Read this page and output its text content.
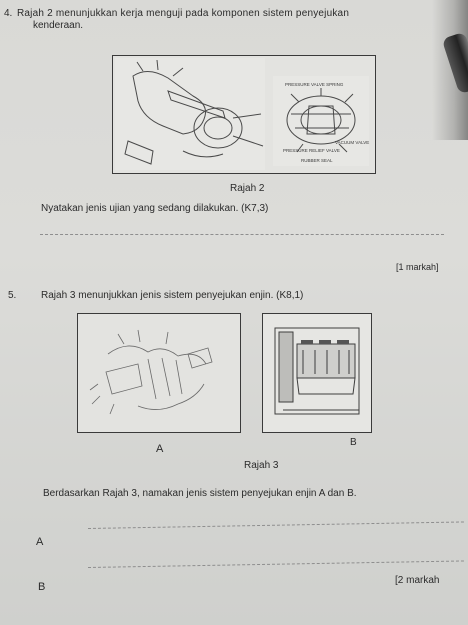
4. Rajah 2 menunjukkan kerja menguji pada komponen sistem penyejukan
kenderaan.
PRESSURE VALVE SPRING
PRESSURE RELIEF VALVE
VACUUM VALVE
RUBBER SEAL
Rajah 2
Nyatakan jenis ujian yang sedang dilakukan. (K7,3)
[1 markah]
5. Rajah 3 menunjukkan jenis sistem penyejukan enjin. (K8,1)
A
B
Rajah 3
Berdasarkan Rajah 3, namakan jenis sistem penyejukan enjin A dan B.
A
B
[2 markah
